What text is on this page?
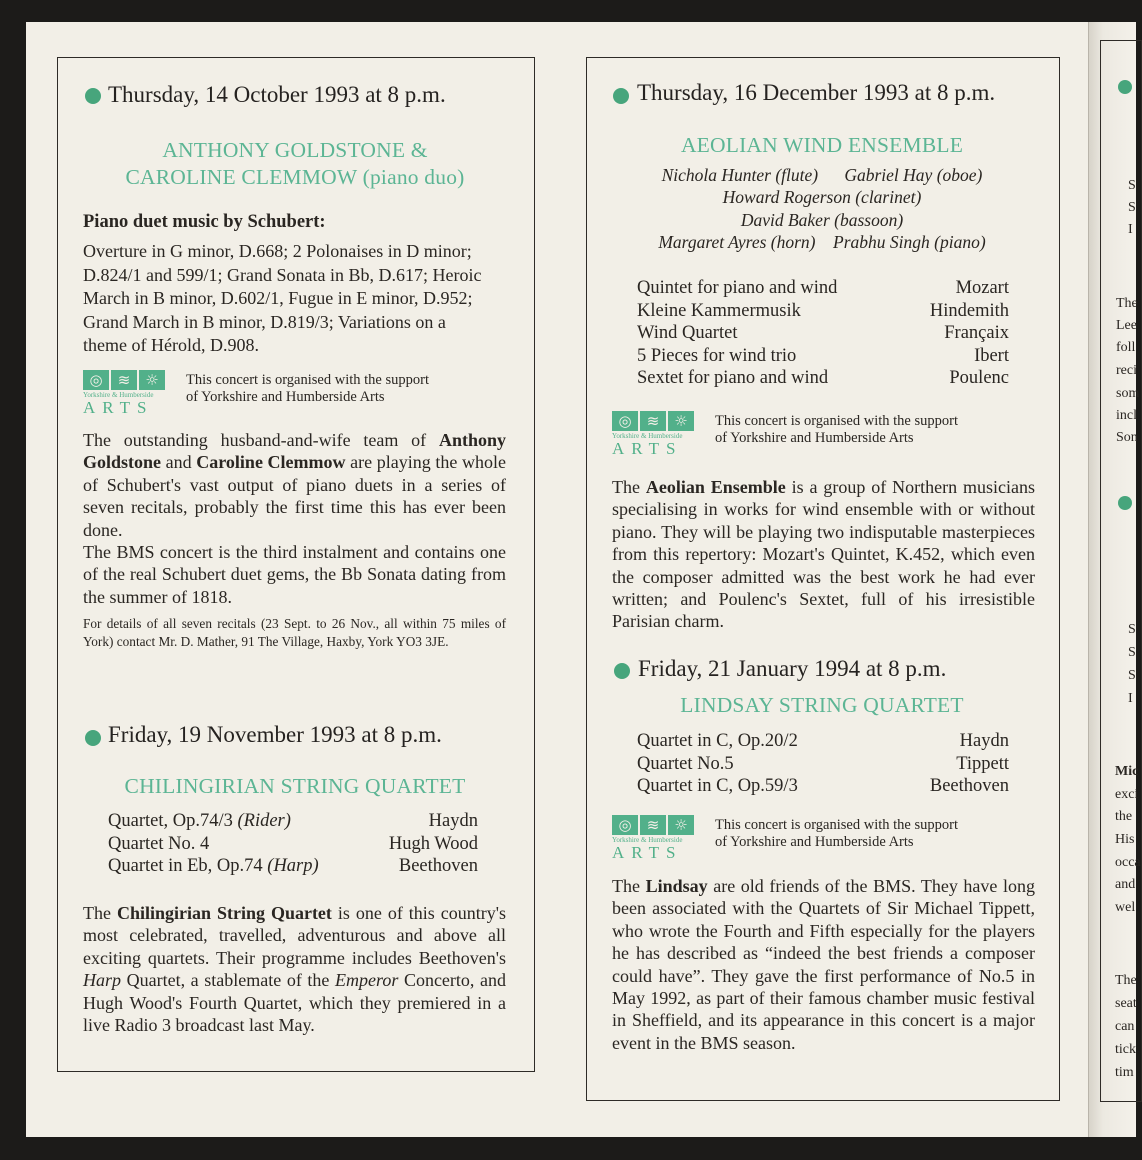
Thursday, 14 October 1993 at 8 p.m.
ANTHONY GOLDSTONE &
CAROLINE CLEMMOW (piano duo)
Piano duet music by Schubert:
Overture in G minor, D.668; 2 Polonaises in D minor;
D.824/1 and 599/1; Grand Sonata in Bb, D.617; Heroic
March in B minor, D.602/1, Fugue in E minor, D.952;
Grand March in B minor, D.819/3; Variations on a
theme of Hérold, D.908.
◎	≋ ☼
Yorkshire & Humberside
ARTS
This concert is organised with the support
of Yorkshire and Humberside Arts
The outstanding husband-and-wife team of Anthony Goldstone and Caroline Clemmow are playing the whole of Schubert's vast output of piano duets in a series of seven recitals, probably the first time this has ever been done.
The BMS concert is the third instalment and contains one of the real Schubert duet gems, the Bb Sonata dating from the summer of 1818.
For details of all seven recitals (23 Sept. to 26 Nov., all within 75 miles of York) contact Mr. D. Mather, 91 The Village, Haxby, York YO3 3JE.
Friday, 19 November 1993 at 8 p.m.
CHILINGIRIAN STRING QUARTET
Quartet, Op.74/3 (Rider)	Haydn
Quartet No. 4	Hugh Wood
Quartet in Eb, Op.74 (Harp)	Beethoven
The Chilingirian String Quartet is one of this country's most celebrated, travelled, adventurous and above all exciting quartets. Their programme includes Beethoven's Harp Quartet, a stablemate of the Emperor Concerto, and Hugh Wood's Fourth Quartet, which they premiered in a live Radio 3 broadcast last May.
Thursday, 16 December 1993 at 8 p.m.
AEOLIAN WIND ENSEMBLE
Nichola Hunter (flute) Gabriel Hay (oboe)
Howard Rogerson (clarinet)
David Baker (bassoon)
Margaret Ayres (horn) Prabhu Singh (piano)
Quintet for piano and wind	Mozart
Kleine Kammermusik	Hindemith
Wind Quartet	Françaix
5 Pieces for wind trio	Ibert
Sextet for piano and wind	Poulenc
◎	≋ ☼
Yorkshire & Humberside
ARTS
This concert is organised with the support
of Yorkshire and Humberside Arts
The Aeolian Ensemble is a group of Northern musicians specialising in works for wind ensemble with or without piano. They will be playing two indisputable masterpieces from this repertory: Mozart's Quintet, K.452, which even the composer admitted was the best work he had ever written; and Poulenc's Sextet, full of his irresistible Parisian charm.
Friday, 21 January 1994 at 8 p.m.
LINDSAY STRING QUARTET
Quartet in C, Op.20/2	Haydn
Quartet No.5	Tippett
Quartet in C, Op.59/3	Beethoven
◎	≋ ☼
Yorkshire & Humberside
ARTS
This concert is organised with the support
of Yorkshire and Humberside Arts
The Lindsay are old friends of the BMS. They have long been associated with the Quartets of Sir Michael Tippett, who wrote the Fourth and Fifth especially for the players he has described as “indeed the best friends a composer could have”. They gave the first performance of No.5 in May 1992, as part of their famous chamber music festival in Sheffield, and its appearance in this concert is a major event in the BMS season.
S
S
I
The
Lee
foll
reci
som
incl
Son
S
S
S
I
Mic
exci
the
His
occa
and
wel
The
seat
can
tick
tim
